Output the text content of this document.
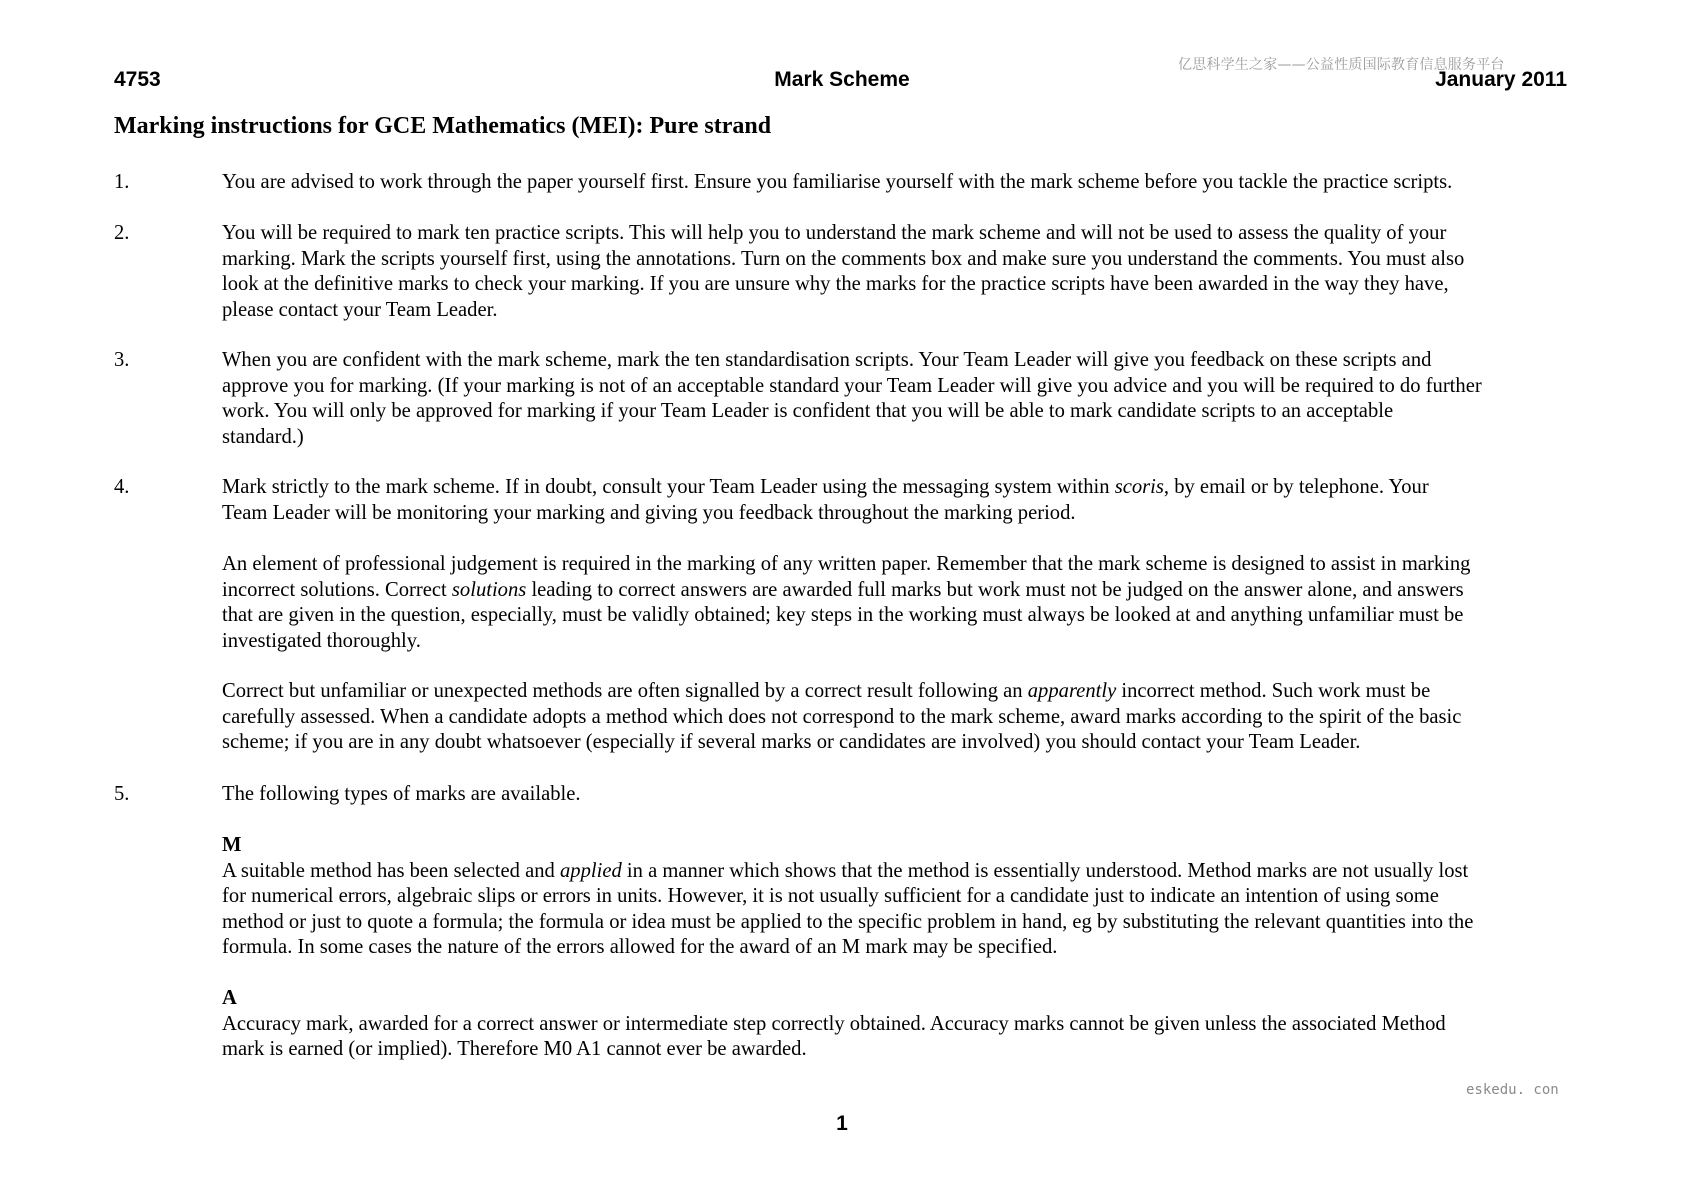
亿思科学生之家——公益性质国际教育信息服务平台
4753	Mark Scheme	January 2011
Marking instructions for GCE Mathematics (MEI): Pure strand
1.	You are advised to work through the paper yourself first. Ensure you familiarise yourself with the mark scheme before you tackle the practice scripts.
2.	You will be required to mark ten practice scripts. This will help you to understand the mark scheme and will not be used to assess the quality of your
marking. Mark the scripts yourself first, using the annotations. Turn on the comments box and make sure you understand the comments. You must also
look at the definitive marks to check your marking. If you are unsure why the marks for the practice scripts have been awarded in the way they have,
please contact your Team Leader.
3.	When you are confident with the mark scheme, mark the ten standardisation scripts. Your Team Leader will give you feedback on these scripts and
approve you for marking. (If your marking is not of an acceptable standard your Team Leader will give you advice and you will be required to do further
work. You will only be approved for marking if your Team Leader is confident that you will be able to mark candidate scripts to an acceptable
standard.)
4.	Mark strictly to the mark scheme. If in doubt, consult your Team Leader using the messaging system within scoris, by email or by telephone. Your
Team Leader will be monitoring your marking and giving you feedback throughout the marking period.
An element of professional judgement is required in the marking of any written paper. Remember that the mark scheme is designed to assist in marking
incorrect solutions. Correct solutions leading to correct answers are awarded full marks but work must not be judged on the answer alone, and answers
that are given in the question, especially, must be validly obtained; key steps in the working must always be looked at and anything unfamiliar must be
investigated thoroughly.
Correct but unfamiliar or unexpected methods are often signalled by a correct result following an apparently incorrect method. Such work must be
carefully assessed. When a candidate adopts a method which does not correspond to the mark scheme, award marks according to the spirit of the basic
scheme; if you are in any doubt whatsoever (especially if several marks or candidates are involved) you should contact your Team Leader.
5.	The following types of marks are available.
M
A suitable method has been selected and applied in a manner which shows that the method is essentially understood. Method marks are not usually lost
for numerical errors, algebraic slips or errors in units. However, it is not usually sufficient for a candidate just to indicate an intention of using some
method or just to quote a formula; the formula or idea must be applied to the specific problem in hand, eg by substituting the relevant quantities into the
formula. In some cases the nature of the errors allowed for the award of an M mark may be specified.
A
Accuracy mark, awarded for a correct answer or intermediate step correctly obtained. Accuracy marks cannot be given unless the associated Method
mark is earned (or implied). Therefore M0 A1 cannot ever be awarded.
eskedu. con
1
